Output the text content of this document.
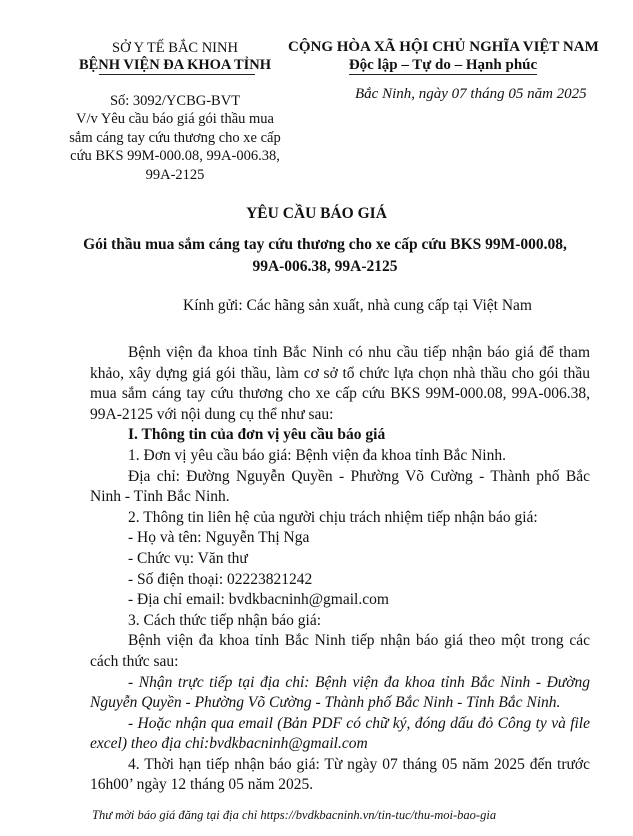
SỞ Y TẾ BẮC NINH
BỆNH VIỆN ĐA KHOA TỈNH
Số: 3092/YCBG-BVT
V/v Yêu cầu báo giá gói thầu mua
sắm cáng tay cứu thương cho xe cấp
cứu BKS 99M-000.08, 99A-006.38,
99A-2125
CỘNG HÒA XÃ HỘI CHỦ NGHĨA VIỆT NAM
Độc lập – Tự do – Hạnh phúc
Bắc Ninh, ngày 07 tháng 05 năm 2025
YÊU CẦU BÁO GIÁ
Gói thầu mua sắm cáng tay cứu thương cho xe cấp cứu BKS 99M-000.08,
99A-006.38, 99A-2125
Kính gửi: Các hãng sản xuất, nhà cung cấp tại Việt Nam

Bệnh viện đa khoa tỉnh Bắc Ninh có nhu cầu tiếp nhận báo giá để tham khảo, xây dựng giá gói thầu, làm cơ sở tổ chức lựa chọn nhà thầu cho gói thầu mua sắm cáng tay cứu thương cho xe cấp cứu BKS 99M-000.08, 99A-006.38, 99A-2125 với nội dung cụ thể như sau:

I. Thông tin của đơn vị yêu cầu báo giá

1. Đơn vị yêu cầu báo giá: Bệnh viện đa khoa tỉnh Bắc Ninh.

Địa chỉ: Đường Nguyễn Quyền - Phường Võ Cường - Thành phố Bắc Ninh - Tỉnh Bắc Ninh.

2. Thông tin liên hệ của người chịu trách nhiệm tiếp nhận báo giá:

- Họ và tên: Nguyễn Thị Nga

- Chức vụ: Văn thư

- Số điện thoại: 02223821242

- Địa chỉ email: bvdkbacninh@gmail.com

3. Cách thức tiếp nhận báo giá:

Bệnh viện đa khoa tỉnh Bắc Ninh tiếp nhận báo giá theo một trong các cách thức sau:

- Nhận trực tiếp tại địa chỉ: Bệnh viện đa khoa tỉnh Bắc Ninh - Đường Nguyễn Quyền - Phường Võ Cường - Thành phố Bắc Ninh - Tỉnh Bắc Ninh.

- Hoặc nhận qua email (Bản PDF có chữ ký, đóng dấu đỏ Công ty và file excel) theo địa chỉ:bvdkbacninh@gmail.com

4. Thời hạn tiếp nhận báo giá: Từ ngày 07 tháng 05 năm 2025 đến trước 16h00’ ngày 12 tháng 05 năm 2025.

Thư mời báo giá đăng tại địa chỉ https://bvdkbacninh.vn/tin-tuc/thu-moi-bao-gia
